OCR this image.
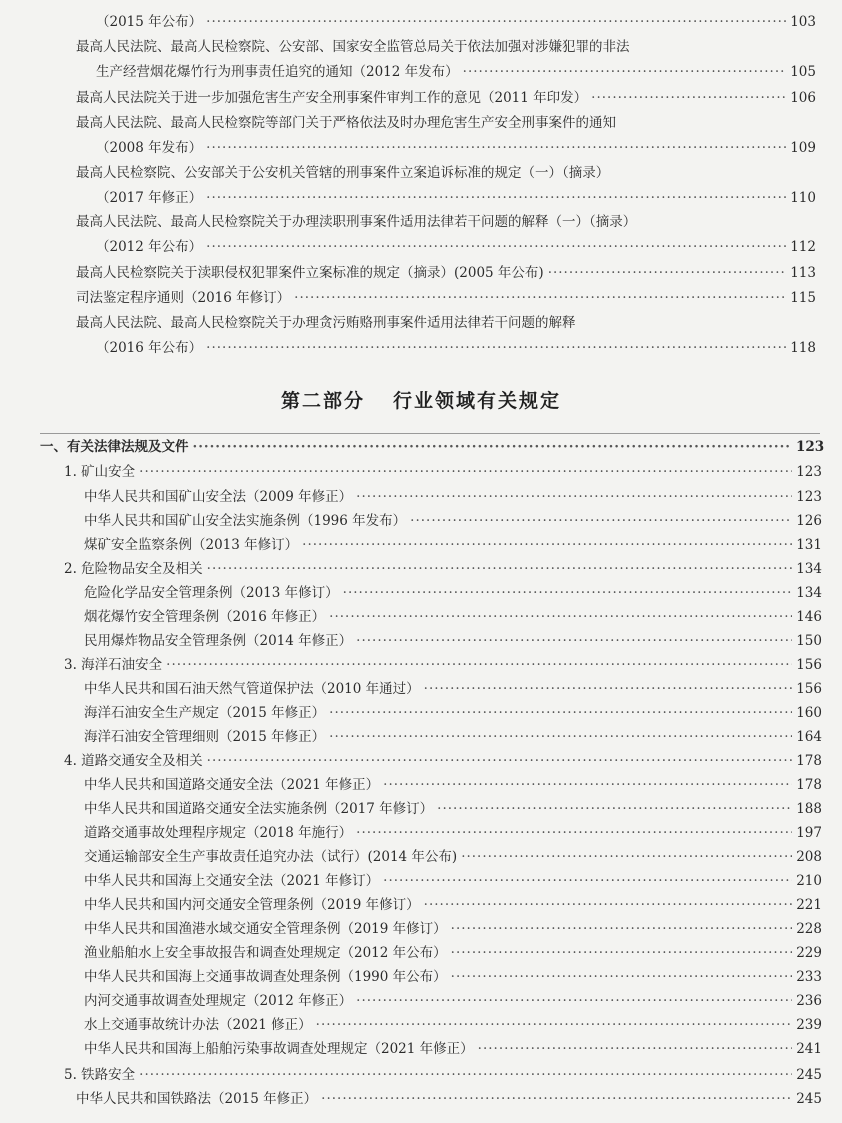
（2015 年公布） ·····	103
最高人民法院、最高人民检察院、公安部、国家安全监管总局关于依法加强对涉嫌犯罪的非法
生产经营烟花爆竹行为刑事责任追究的通知（2012 年发布） ·····	105
最高人民法院关于进一步加强危害生产安全刑事案件审判工作的意见（2011 年印发） ·····	106
最高人民法院、最高人民检察院等部门关于严格依法及时办理危害生产安全刑事案件的通知
（2008 年发布） ·····	109
最高人民检察院、公安部关于公安机关管辖的刑事案件立案追诉标准的规定（一）（摘录）
（2017 年修正） ·····	110
最高人民法院、最高人民检察院关于办理渎职刑事案件适用法律若干问题的解释（一）（摘录）
（2012 年公布） ·····	112
最高人民检察院关于渎职侵权犯罪案件立案标准的规定（摘录）(2005 年公布) ·····	113
司法鉴定程序通则（2016 年修订） ·····	115
最高人民法院、最高人民检察院关于办理贪污贿赂刑事案件适用法律若干问题的解释
（2016 年公布） ·····	118
第二部分 行业领域有关规定
一、有关法律法规及文件 ·····	123
1. 矿山安全 ·····	123
中华人民共和国矿山安全法（2009 年修正） ·····	123
中华人民共和国矿山安全法实施条例（1996 年发布） ·····	126
煤矿安全监察条例（2013 年修订） ·····	131
2. 危险物品安全及相关 ·····	134
危险化学品安全管理条例（2013 年修订） ·····	134
烟花爆竹安全管理条例（2016 年修正） ·····	146
民用爆炸物品安全管理条例（2014 年修正） ·····	150
3. 海洋石油安全 ·····	156
中华人民共和国石油天然气管道保护法（2010 年通过） ·····	156
海洋石油安全生产规定（2015 年修正） ·····	160
海洋石油安全管理细则（2015 年修正） ·····	164
4. 道路交通安全及相关 ·····	178
中华人民共和国道路交通安全法（2021 年修正） ·····	178
中华人民共和国道路交通安全法实施条例（2017 年修订） ·····	188
道路交通事故处理程序规定（2018 年施行） ·····	197
交通运输部安全生产事故责任追究办法（试行）(2014 年公布) ·····	208
中华人民共和国海上交通安全法（2021 年修订） ·····	210
中华人民共和国内河交通安全管理条例（2019 年修订） ·····	221
中华人民共和国渔港水域交通安全管理条例（2019 年修订） ·····	228
渔业船舶水上安全事故报告和调查处理规定（2012 年公布） ·····	229
中华人民共和国海上交通事故调查处理条例（1990 年公布） ·····	233
内河交通事故调查处理规定（2012 年修正） ·····	236
水上交通事故统计办法（2021 修正） ·····	239
中华人民共和国海上船舶污染事故调查处理规定（2021 年修正） ·····	241
5. 铁路安全 ·····	245
中华人民共和国铁路法（2015 年修正） ·····	245
